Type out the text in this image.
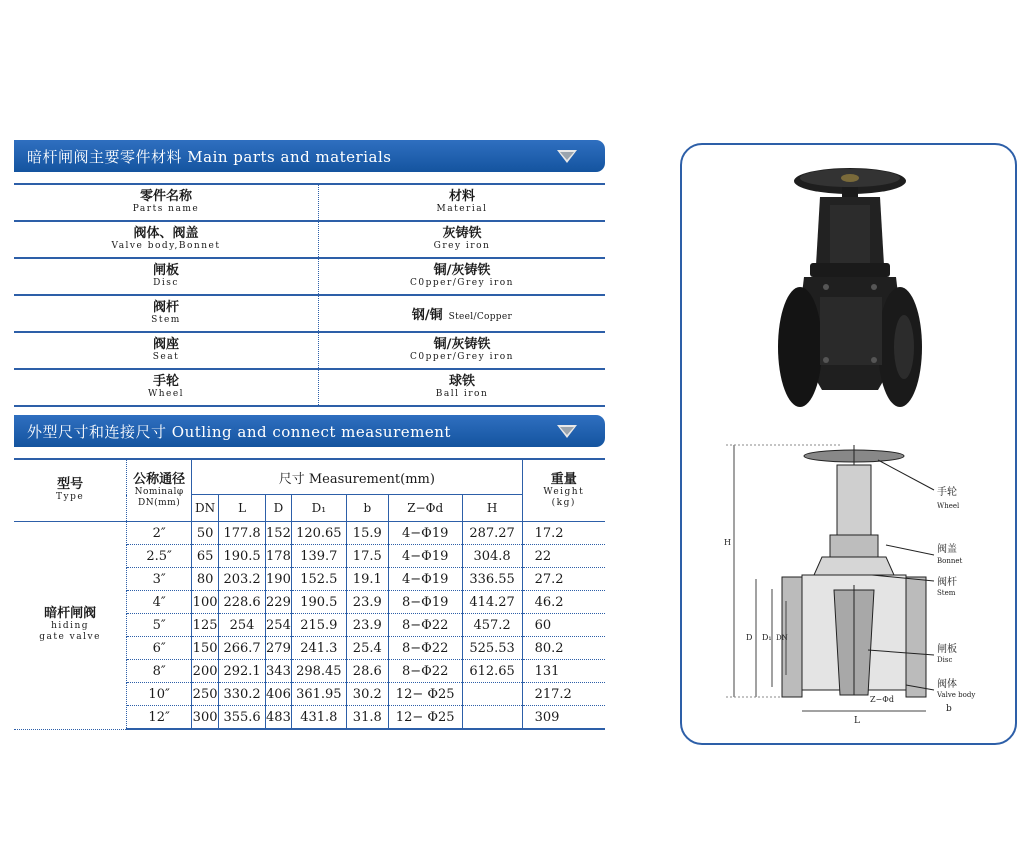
暗杆闸阀主要零件材料 Main parts and materials
零件名称
Parts name	材料
Material

阀体、阀盖
Valve body,Bonnet	灰铸铁
Grey iron

闸板
Disc	铜/灰铸铁
C0pper/Grey iron

阀杆
Stem	钢/铜 Steel/Copper

阀座
Seat	铜/灰铸铁
C0pper/Grey iron

手轮
Wheel	球铁
Ball iron
外型尺寸和连接尺寸 Outling and connect measurement
型号
Type	公称通径
Nominalφ
DN(mm)	尺寸 Measurement(mm)							重量
Weight
(kg)

		DN	L	D	D₁	b	Z−Φd	H	

暗杆闸阀
hiding
gate valve	2″	50	177.8	152	120.65	15.9	4−Φ19	287.27	17.2
	2.5″	65	190.5	178	139.7	17.5	4−Φ19	304.8	22
	3″	80	203.2	190	152.5	19.1	4−Φ19	336.55	27.2
	4″	100	228.6	229	190.5	23.9	8−Φ19	414.27	46.2
	5″	125	254	254	215.9	23.9	8−Φ22	457.2	60
	6″	150	266.7	279	241.3	25.4	8−Φ22	525.53	80.2
	8″	200	292.1	343	298.45	28.6	8−Φ22	612.65	131
	10″	250	330.2	406	361.95	30.2	12− Φ25		217.2
	12″	300	355.6	483	431.8	31.8	12− Φ25		309
手轮
Wheel
阀盖
Bonnet
阀杆
Stem
闸板
Disc
阀体
Valve body
H
D D₁ DN
L
b
Z−Φd
